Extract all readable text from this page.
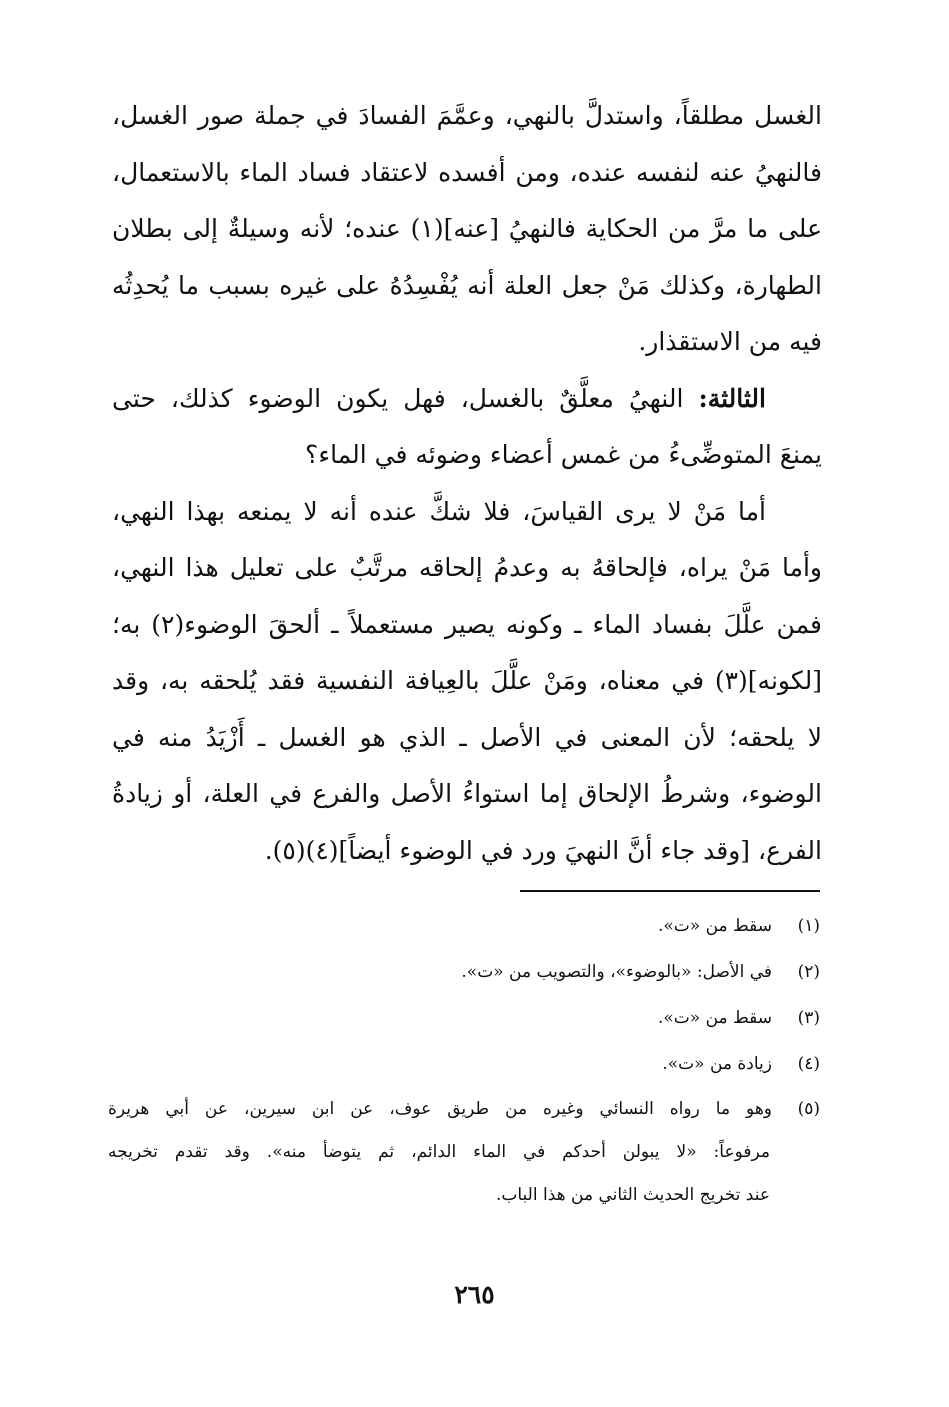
الغسل مطلقاً، واستدلَّ بالنهي، وعمَّمَ الفسادَ في جملة صور الغسل،
فالنهيُ عنه لنفسه عنده، ومن أفسده لاعتقاد فساد الماء بالاستعمال،
على ما مرَّ من الحكاية فالنهيُ [عنه](١) عنده؛ لأنه وسيلةٌ إلى بطلان
الطهارة، وكذلك مَنْ جعل العلة أنه يُفْسِدُهُ على غيره بسبب ما يُحدِثُه
فيه من الاستقذار.
الثالثة: النهيُ معلَّقٌ بالغسل، فهل يكون الوضوء كذلك، حتى
يمنعَ المتوضِّىءُ من غمس أعضاء وضوئه في الماء؟
أما مَنْ لا يرى القياسَ، فلا شكَّ عنده أنه لا يمنعه بهذا النهي،
وأما مَنْ يراه، فإلحاقهُ به وعدمُ إلحاقه مرتَّبٌ على تعليل هذا النهي،
فمن علَّلَ بفساد الماء ـ وكونه يصير مستعملاً ـ ألحقَ الوضوء(٢) به؛
[لكونه](٣) في معناه، ومَنْ علَّلَ بالعِيافة النفسية فقد يُلحقه به، وقد
لا يلحقه؛ لأن المعنى في الأصل ـ الذي هو الغسل ـ أَزْيَدُ منه في
الوضوء، وشرطُ الإلحاق إما استواءُ الأصل والفرع في العلة، أو زيادةُ
الفرع، [وقد جاء أنَّ النهيَ ورد في الوضوء أيضاً](٤)(٥).
(١)سقط من «ت».
(٢)في الأصل: «بالوضوء»، والتصويب من «ت».
(٣)سقط من «ت».
(٤)زيادة من «ت».
(٥)وهو ما رواه النسائي وغيره من طريق عوف، عن ابن سيرين، عن أبي هريرة
مرفوعاً: «لا يبولن أحدكم في الماء الدائم، ثم يتوضأ منه». وقد تقدم تخريجه
عند تخريج الحديث الثاني من هذا الباب.
٢٦٥
